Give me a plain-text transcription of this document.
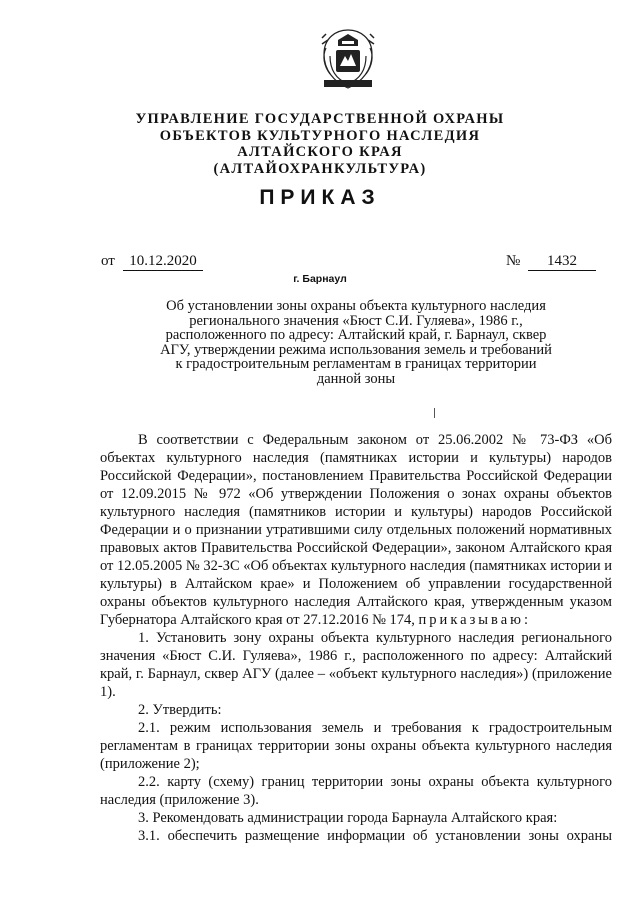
УПРАВЛЕНИЕ ГОСУДАРСТВЕННОЙ ОХРАНЫ
ОБЪЕКТОВ КУЛЬТУРНОГО НАСЛЕДИЯ
АЛТАЙСКОГО КРАЯ
(АЛТАЙОХРАНКУЛЬТУРА)
ПРИКАЗ
от 10.12.2020	№	1432
г. Барнаул
Об установлении зоны охраны объекта культурного наследия
регионального значения «Бюст С.И. Гуляева», 1986 г.,
расположенного по адресу: Алтайский край, г. Барнаул, сквер
АГУ, утверждении режима использования земель и требований
к градостроительным регламентам в границах территории
данной зоны

В соответствии с Федеральным законом от 25.06.2002 № 73-ФЗ «Об объектах культурного наследия (памятниках истории и культуры) народов Российской Федерации», постановлением Правительства Российской Федерации от 12.09.2015 № 972 «Об утверждении Положения о зонах охраны объектов культурного наследия (памятников истории и культуры) народов Российской Федерации и о признании утратившими силу отдельных положений нормативных правовых актов Правительства Российской Федерации», законом Алтайского края от 12.05.2005 № 32-ЗС «Об объектах культурного наследия (памятниках истории и культуры) в Алтайском крае» и Положением об управлении государственной охраны объектов культурного наследия Алтайского края, утвержденным указом Губернатора Алтайского края от 27.12.2016 № 174, приказываю:

1. Установить зону охраны объекта культурного наследия регионального значения «Бюст С.И. Гуляева», 1986 г., расположенного по адресу: Алтайский край, г. Барнаул, сквер АГУ (далее – «объект культурного наследия») (приложение 1).

2. Утвердить:

2.1. режим использования земель и требования к градостроительным регламентам в границах территории зоны охраны объекта культурного наследия (приложение 2);

2.2. карту (схему) границ территории зоны охраны объекта культурного наследия (приложение 3).

3. Рекомендовать администрации города Барнаула Алтайского края:

3.1. обеспечить размещение информации об установлении зоны охраны
